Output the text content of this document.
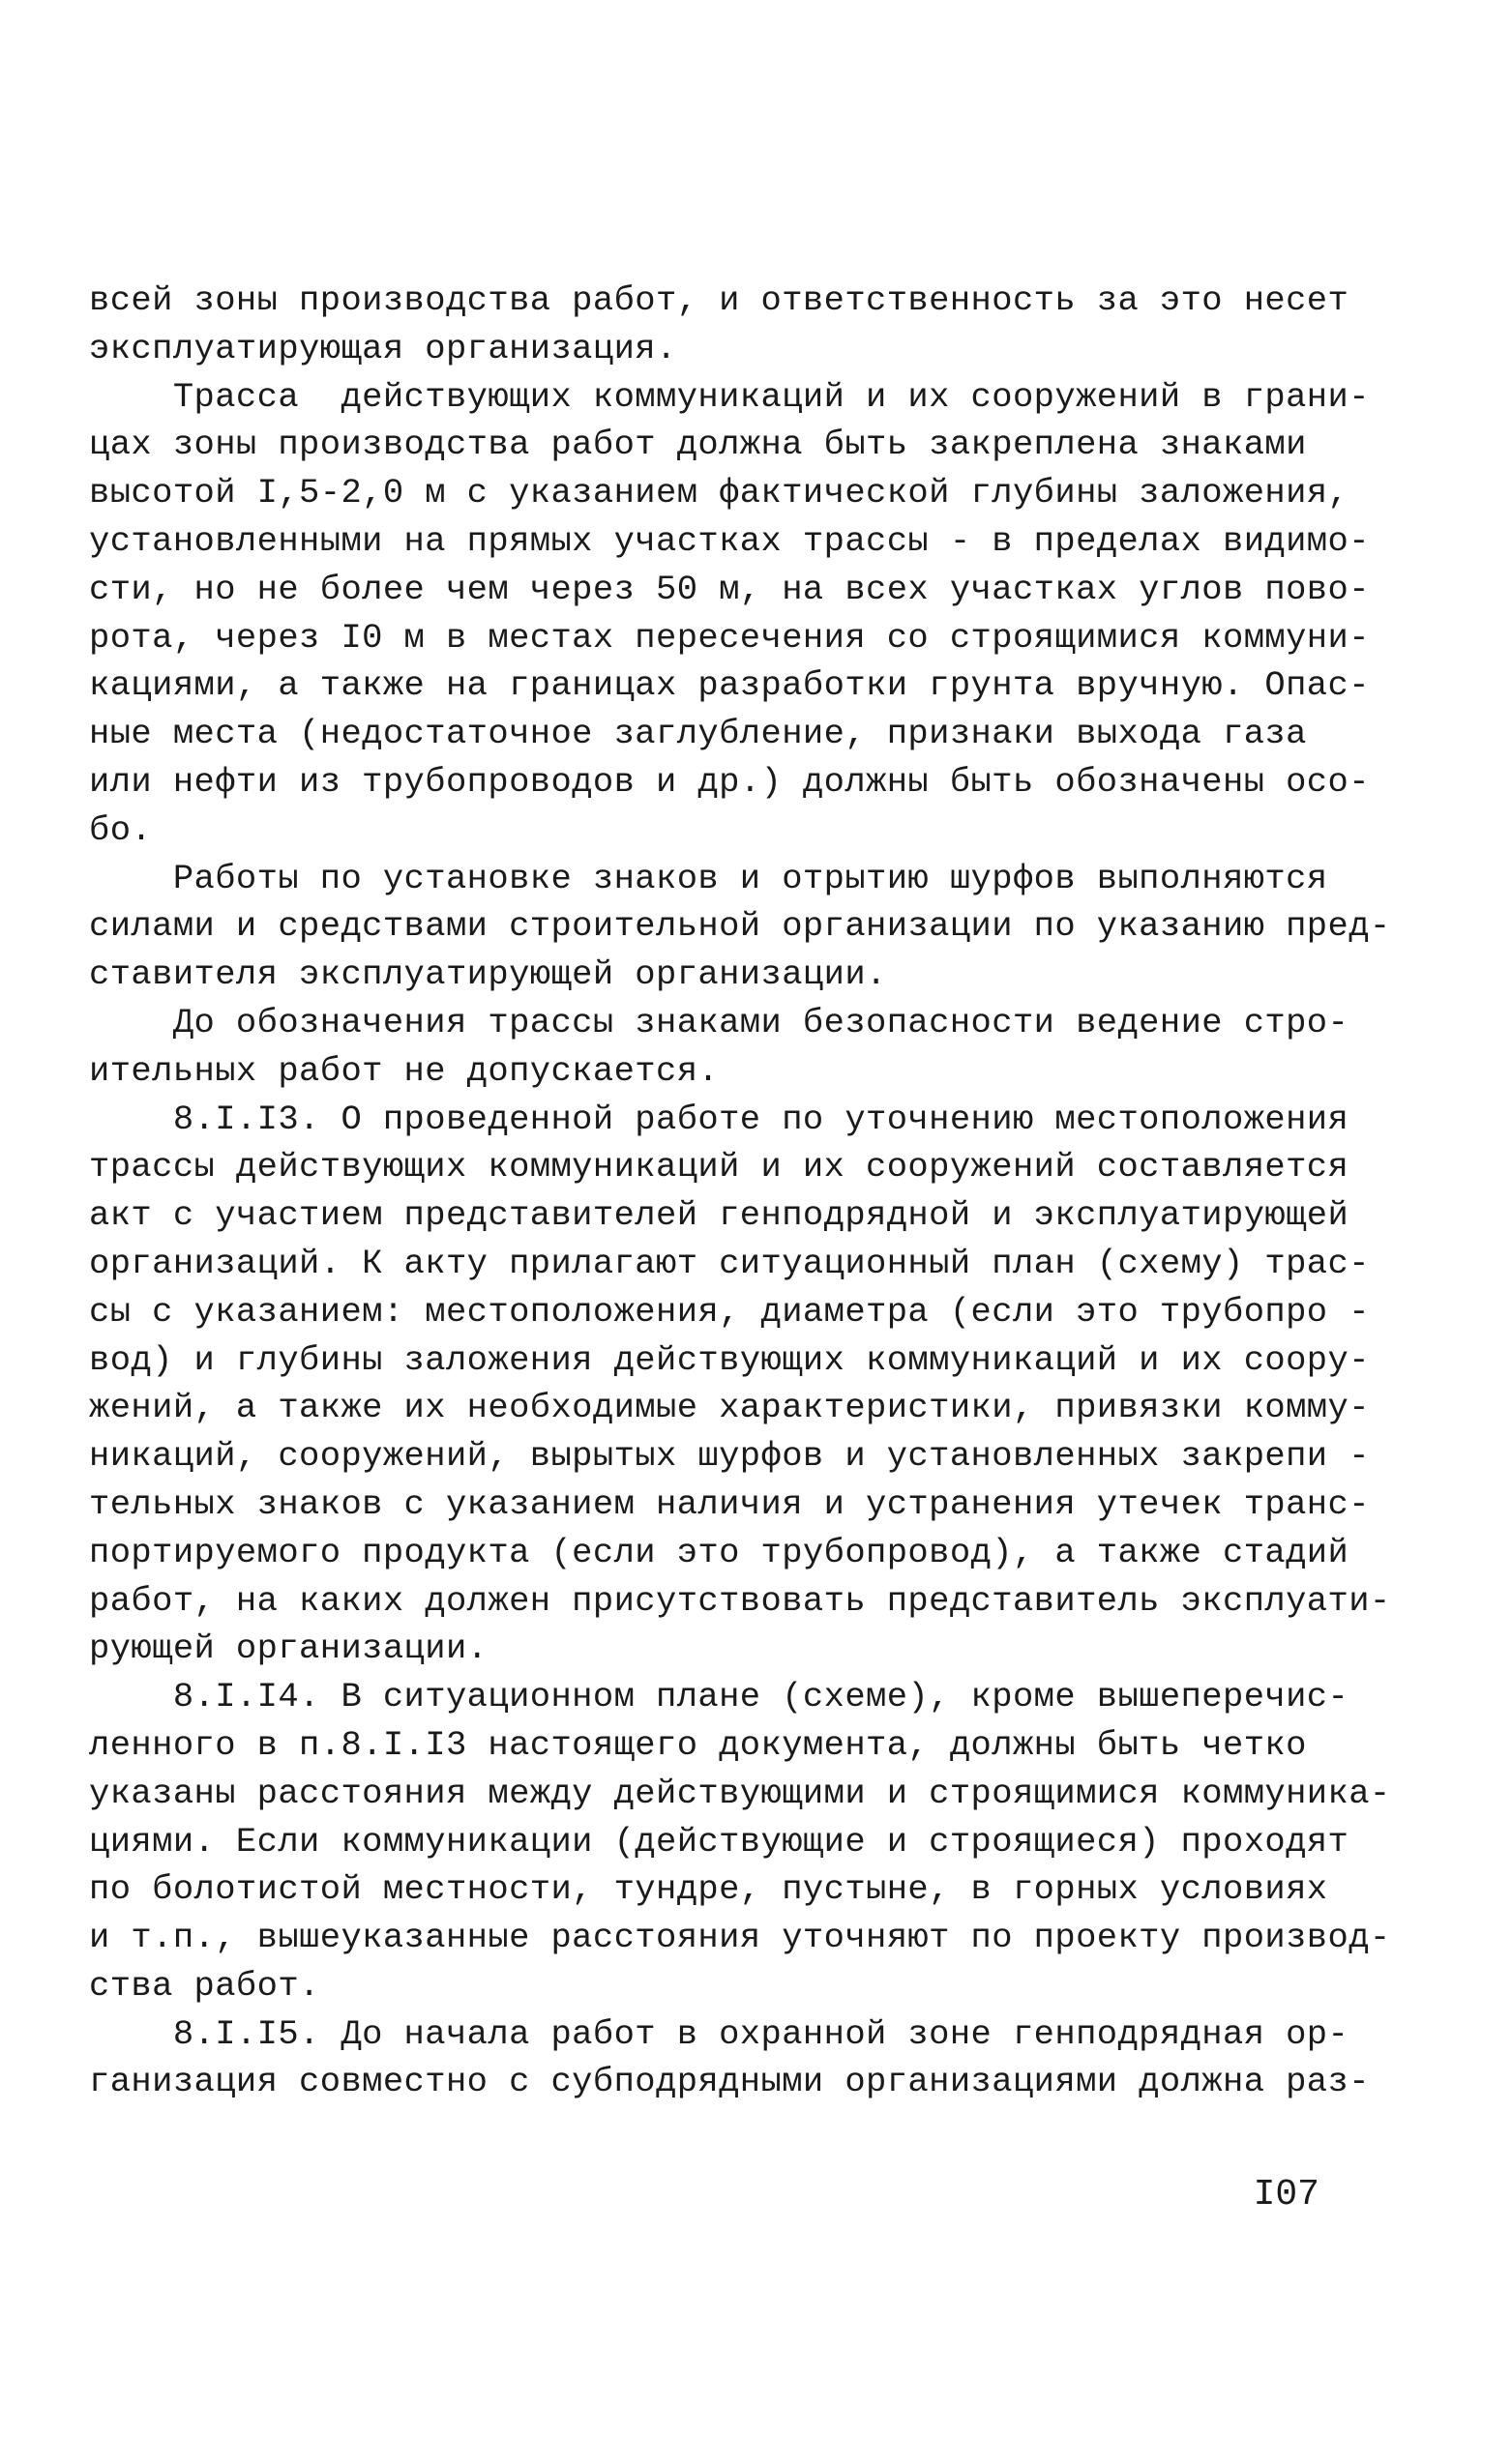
всей зоны производства работ, и ответственность за это несет
эксплуатирующая организация.
Трасса  действующих коммуникаций и их сооружений в грани-
цах зоны производства работ должна быть закреплена знаками
высотой I,5-2,0 м с указанием фактической глубины заложения,
установленными на прямых участках трассы - в пределах видимо-
сти, но не более чем через 50 м, на всех участках углов пово-
рота, через I0 м в местах пересечения со строящимися коммуни-
кациями, а также на границах разработки грунта вручную. Опас-
ные места (недостаточное заглубление, признаки выхода газа
или нефти из трубопроводов и др.) должны быть обозначены осо-
бо.
Работы по установке знаков и отрытию шурфов выполняются
силами и средствами строительной организации по указанию пред-
ставителя эксплуатирующей организации.
До обозначения трассы знаками безопасности ведение стро-
ительных работ не допускается.
8.I.I3. О проведенной работе по уточнению местоположения
трассы действующих коммуникаций и их сооружений составляется
акт с участием представителей генподрядной и эксплуатирующей
организаций. К акту прилагают ситуационный план (схему) трас-
сы с указанием: местоположения, диаметра (если это трубопро -
вод) и глубины заложения действующих коммуникаций и их соору-
жений, а также их необходимые характеристики, привязки комму-
никаций, сооружений, вырытых шурфов и установленных закрепи -
тельных знаков с указанием наличия и устранения утечек транс-
портируемого продукта (если это трубопровод), а также стадий
работ, на каких должен присутствовать представитель эксплуати-
рующей организации.
8.I.I4. В ситуационном плане (схеме), кроме вышеперечис-
ленного в п.8.I.I3 настоящего документа, должны быть четко
указаны расстояния между действующими и строящимися коммуника-
циями. Если коммуникации (действующие и строящиеся) проходят
по болотистой местности, тундре, пустыне, в горных условиях
и т.п., вышеуказанные расстояния уточняют по проекту производ-
ства работ.
8.I.I5. До начала работ в охранной зоне генподрядная ор-
ганизация совместно с субподрядными организациями должна раз-
I07
